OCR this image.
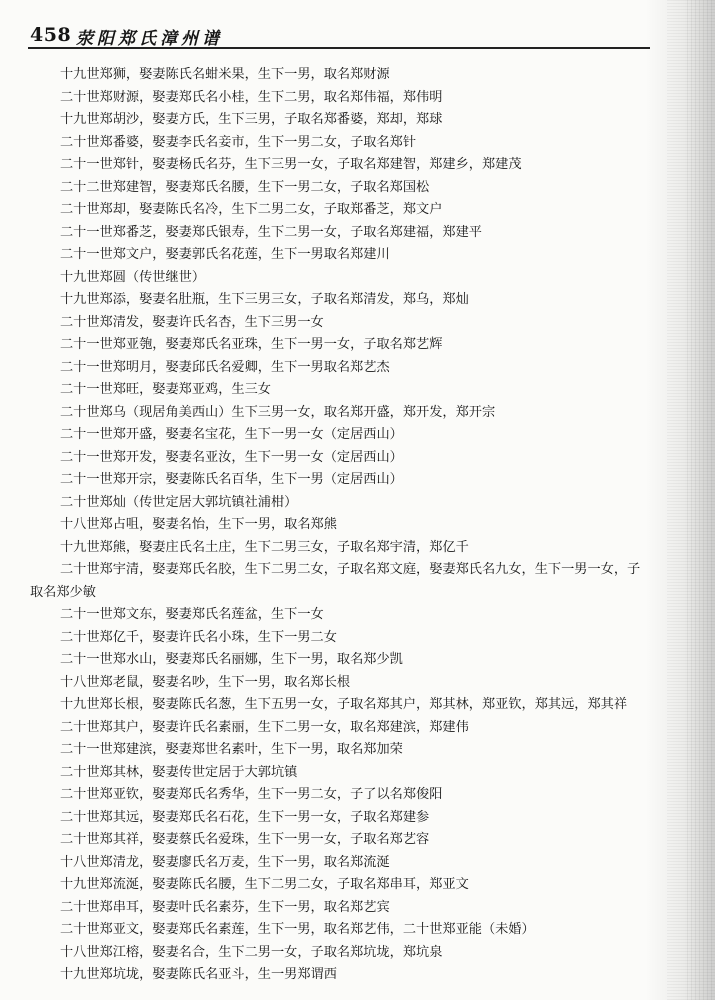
458 荥阳郑氏漳州谱
十九世郑狮，娶妻陈氏名蚶米果，生下一男，取名郑财源
二十世郑财源，娶妻郑氏名小桂，生下二男，取名郑伟福，郑伟明
十九世郑胡沙，娶妻方氏，生下三男，子取名郑番婆，郑却，郑球
二十世郑番婆，娶妻李氏名妾市，生下一男二女，子取名郑针
二十一世郑针，娶妻杨氏名芬，生下三男一女，子取名郑建智，郑建乡，郑建茂
二十二世郑建智，娶妻郑氏名腰，生下一男二女，子取名郑国松
二十世郑却，娶妻陈氏名冷，生下二男二女，子取郑番芝，郑文户
二十一世郑番芝，娶妻郑氏银寿，生下二男一女，子取名郑建福，郑建平
二十一世郑文户，娶妻郭氏名花莲，生下一男取名郑建川
十九世郑圆（传世继世）
十九世郑添，娶妻名肚瓶，生下三男三女，子取名郑清发，郑乌，郑灿
二十世郑清发，娶妻许氏名杏，生下三男一女
二十一世郑亚匏，娶妻郑氏名亚珠，生下一男一女，子取名郑艺辉
二十一世郑明月，娶妻邱氏名爱卿，生下一男取名郑艺杰
二十一世郑旺，娶妻郑亚鸡，生三女
二十世郑乌（现居角美西山）生下三男一女，取名郑开盛，郑开发，郑开宗
二十一世郑开盛，娶妻名宝花，生下一男一女（定居西山）
二十一世郑开发，娶妻名亚汝，生下一男一女（定居西山）
二十一世郑开宗，娶妻陈氏名百华，生下一男（定居西山）
二十世郑灿（传世定居大郭坑镇社浦柑）
十八世郑占咀，娶妻名怡，生下一男，取名郑熊
十九世郑熊，娶妻庄氏名土庄，生下二男三女，子取名郑宇清，郑亿千
二十世郑宇清，娶妻郑氏名胶，生下二男二女，子取名郑文庭，娶妻郑氏名九女，生下一男一女，子
取名郑少敏
二十一世郑文东，娶妻郑氏名莲盆，生下一女
二十世郑亿千，娶妻许氏名小珠，生下一男二女
二十一世郑水山，娶妻郑氏名丽娜，生下一男，取名郑少凯
十八世郑老鼠，娶妻名吵，生下一男，取名郑长根
十九世郑长根，娶妻陈氏名葱，生下五男一女，子取名郑其户，郑其林，郑亚钦，郑其远，郑其祥
二十世郑其户，娶妻许氏名素丽，生下二男一女，取名郑建滨，郑建伟
二十一世郑建滨，娶妻郑世名素叶，生下一男，取名郑加荣
二十世郑其林，娶妻传世定居于大郭坑镇
二十世郑亚钦，娶妻郑氏名秀华，生下一男二女，子了以名郑俊阳
二十世郑其远，娶妻郑氏名石花，生下一男一女，子取名郑建参
二十世郑其祥，娶妻蔡氏名爱珠，生下一男一女，子取名郑艺容
十八世郑清龙，娶妻廖氏名万麦，生下一男，取名郑流涎
十九世郑流涎，娶妻陈氏名腰，生下二男二女，子取名郑串耳，郑亚文
二十世郑串耳，娶妻叶氏名素芬，生下一男，取名郑艺宾
二十世郑亚文，娶妻郑氏名素莲，生下一男，取名郑艺伟，二十世郑亚能（未婚）
十八世郑江榕，娶妻名合，生下二男一女，子取名郑坑垅，郑坑泉
十九世郑坑垅，娶妻陈氏名亚斗，生一男郑谓西
